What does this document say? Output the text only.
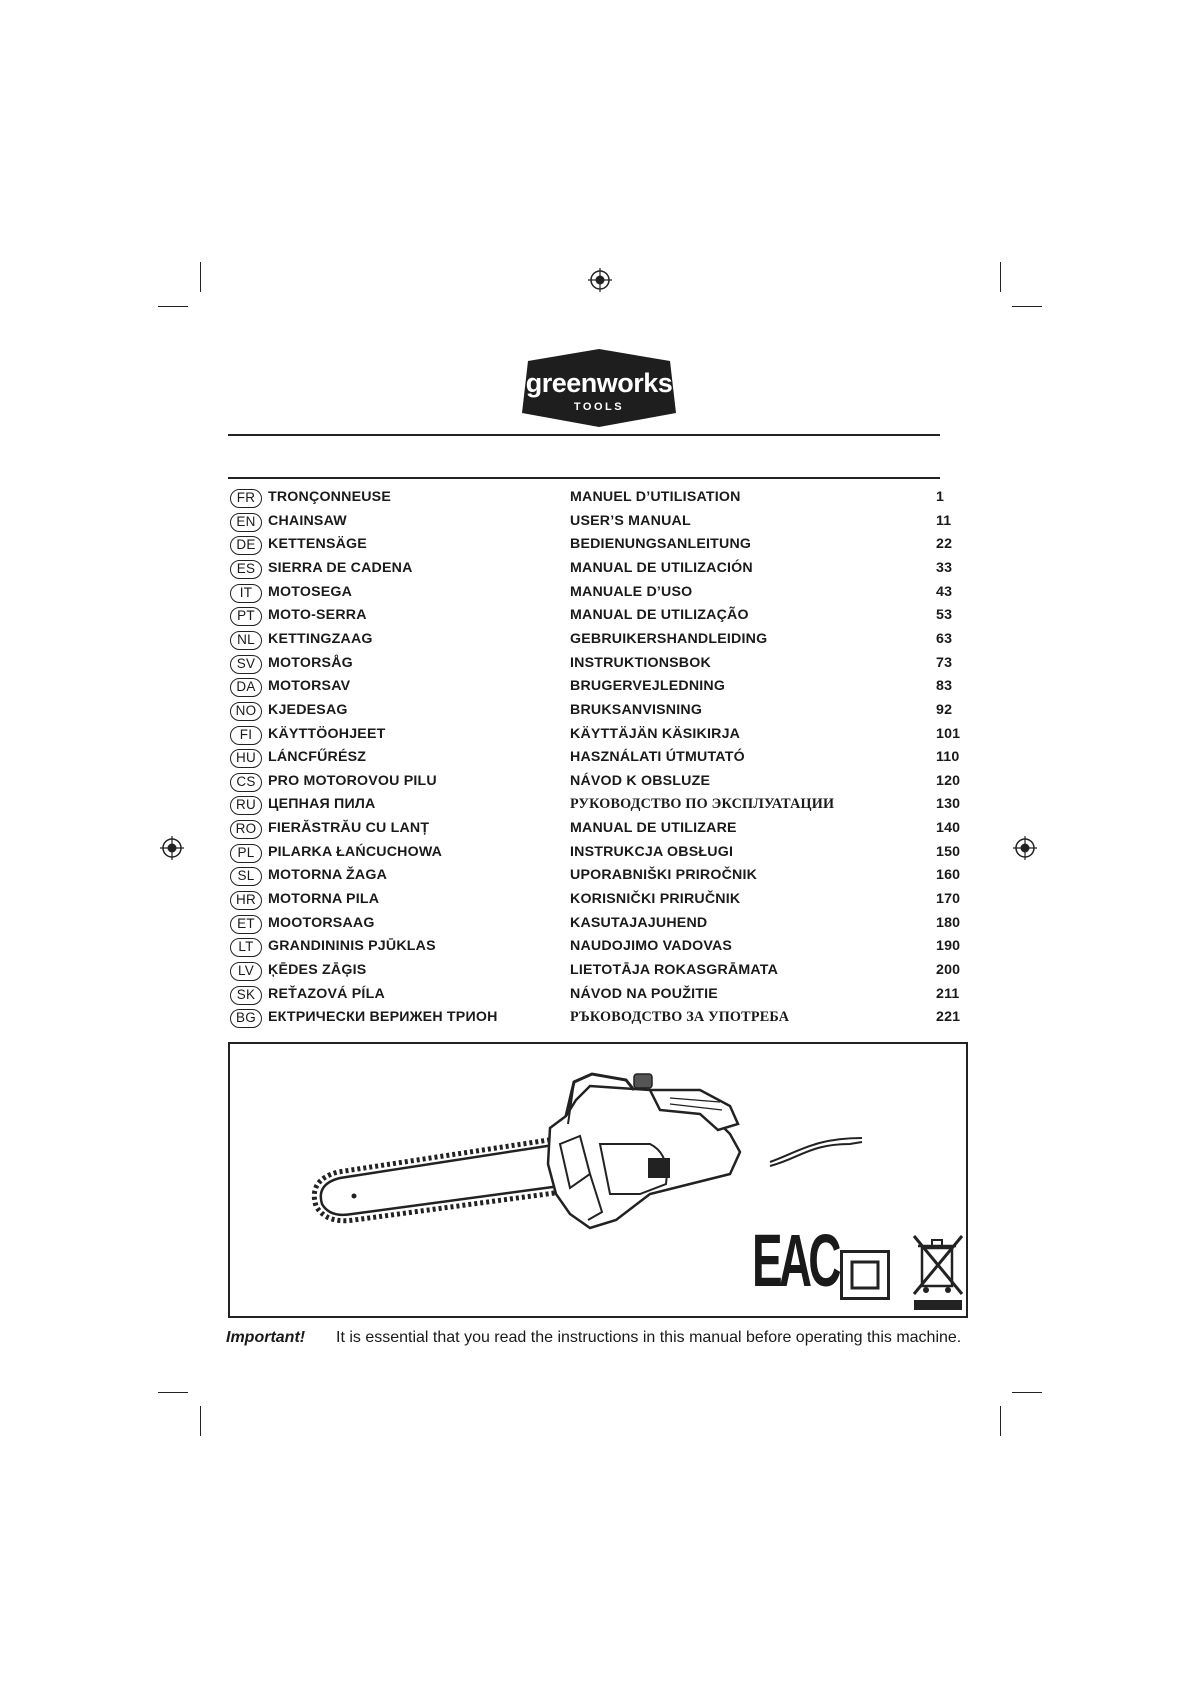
greenworks
TOOLS
FR TRONÇONNEUSE	MANUEL D’UTILISATION	1
EN CHAINSAW	USER’S MANUAL	11
DE KETTENSÄGE	BEDIENUNGSANLEITUNG	22
ES SIERRA DE CADENA	MANUAL DE UTILIZACIÓN	33
IT	MOTOSEGA	MANUALE D’USO	43
PT MOTO-SERRA	MANUAL DE UTILIZAÇÃO	53
NL KETTINGZAAG	GEBRUIKERSHANDLEIDING	63
SV MOTORSÅG	INSTRUKTIONSBOK	73
DA MOTORSAV	BRUGERVEJLEDNING	83
NO KJEDESAG	BRUKSANVISNING	92
FI	KÄYTTÖOHJEET	KÄYTTÄJÄN KÄSIKIRJA	101
HU LÁNCFŰRÉSZ	HASZNÁLATI ÚTMUTATÓ	110
CS PRO MOTOROVOU PILU	NÁVOD K OBSLUZE	120
RU ЦЕПНАЯ ПИЛА	РУКОВОДСТВО ПО ЭКСПЛУАТАЦИИ	130
RO FIERĂSTRĂU CU LANȚ	MANUAL DE UTILIZARE	140
PL PILARKA ŁAŃCUCHOWA	INSTRUKCJA OBSŁUGI	150
SL MOTORNA ŽAGA	UPORABNIŠKI PRIROČNIK	160
HR MOTORNA PILA	KORISNIČKI PRIRUČNIK	170
ET MOOTORSAAG	KASUTAJAJUHEND	180
LT	GRANDININIS PJŪKLAS	NAUDOJIMO VADOVAS	190
LV ĶĒDES ZĀĢIS	LIETOTĀJA ROKASGRĀMATA	200
SK REŤAZOVÁ PÍLA	NÁVOD NA POUŽITIE	211
BG ЕКТРИЧЕСКИ ВЕРИЖЕН ТРИОН	РЪКОВОДСТВО ЗА УПОТРЕБА	221
EAC
Important! It is essential that you read the instructions in this manual before operating this machine.
